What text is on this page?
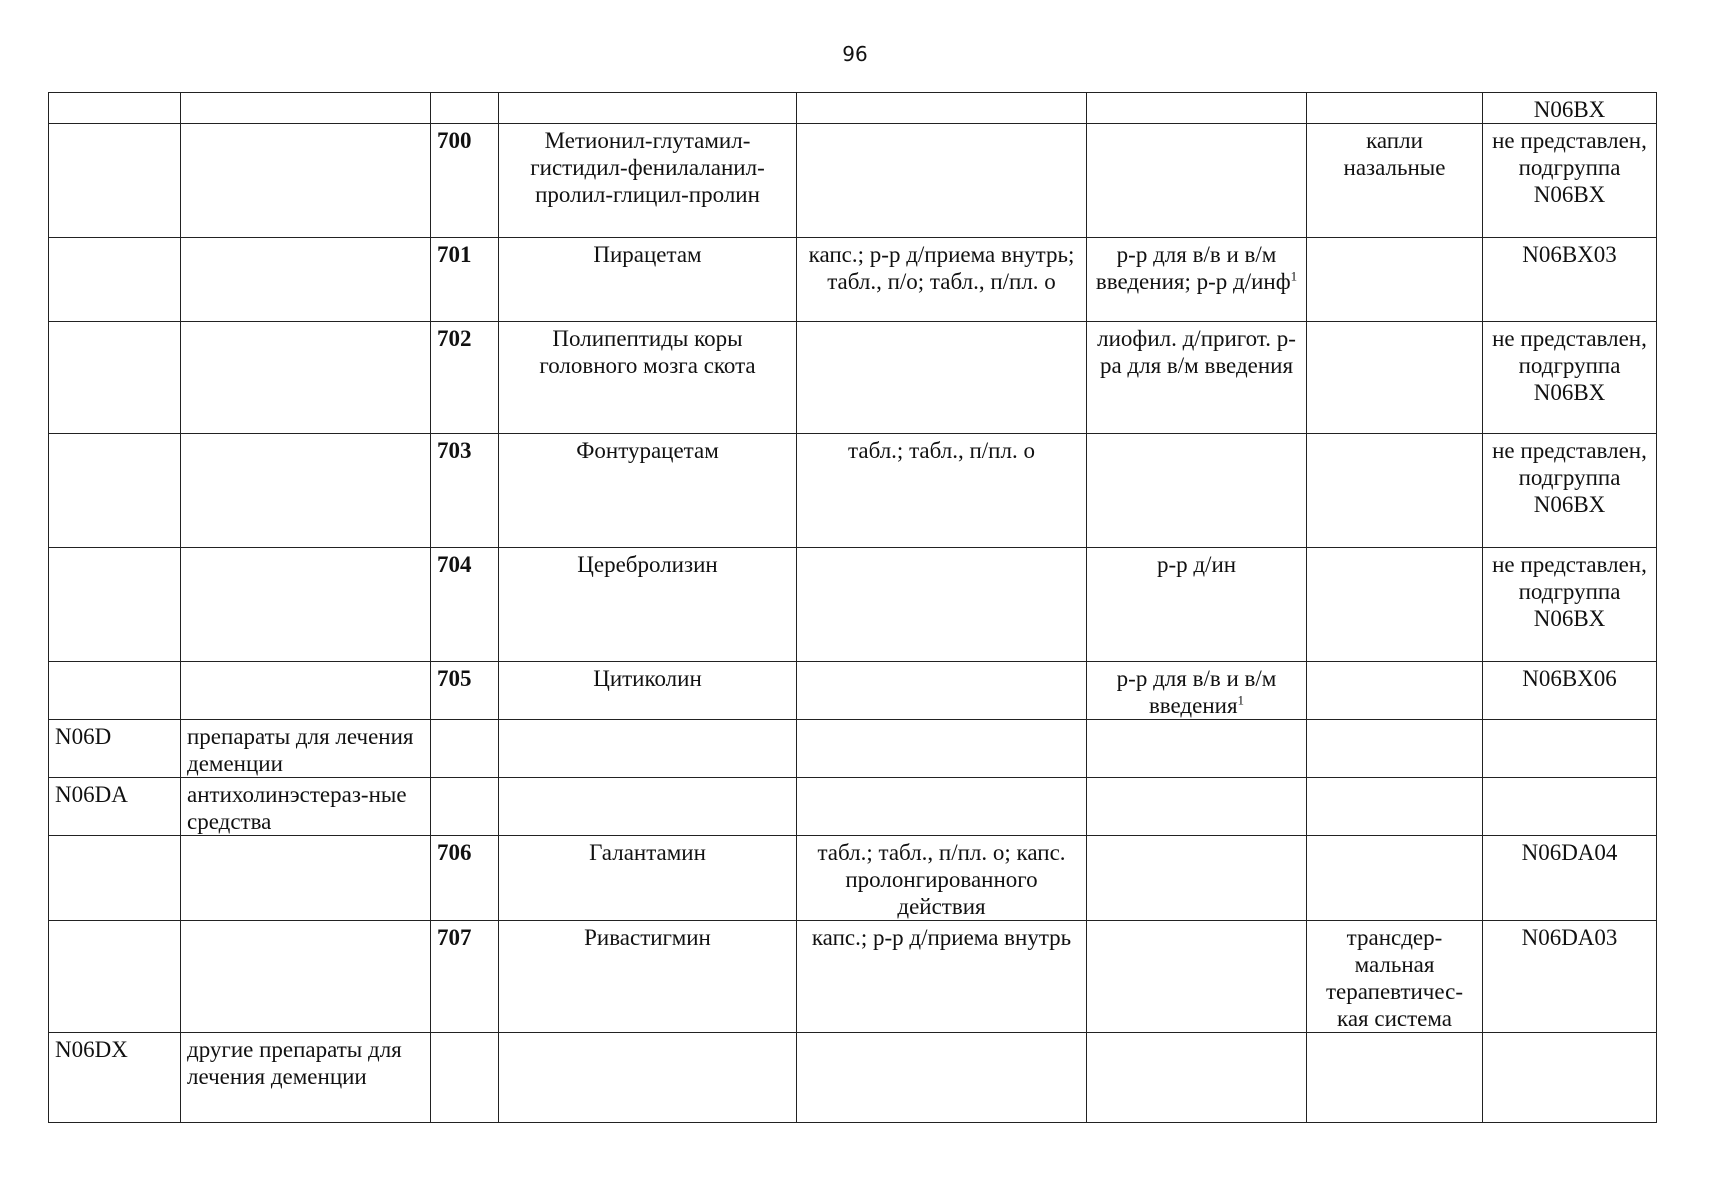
96
							N06BX
		700	Метионил-глутамил-гистидил-фенилаланил-пролил-глицил-пролин			капли назальные	не представлен, подгруппа N06BX
		701	Пирацетам	капс.; р-р д/приема внутрь; табл., п/о; табл., п/пл. о	р-р для в/в и в/м введения; р-р д/инф$^1$		N06BX03
		702	Полипептиды коры головного мозга скота		лиофил. д/пригот. р-ра для в/м введения		не представлен, подгруппа N06BX
		703	Фонтурацетам	табл.; табл., п/пл. о			не представлен, подгруппа N06BX
		704	Церебролизин		р-р д/ин		не представлен, подгруппа N06BX
		705	Цитиколин		р-р для в/в и в/м введения$^1$		N06BX06
N06D	препараты для лечения деменции						
N06DA	антихолинэстераз-ные средства						
		706	Галантамин	табл.; табл., п/пл. о; капс. пролонгированного действия			N06DA04
		707	Ривастигмин	капс.; р-р д/приема внутрь		трансдер-мальная терапевтичес-кая система	N06DA03
N06DX	другие препараты для лечения деменции						
